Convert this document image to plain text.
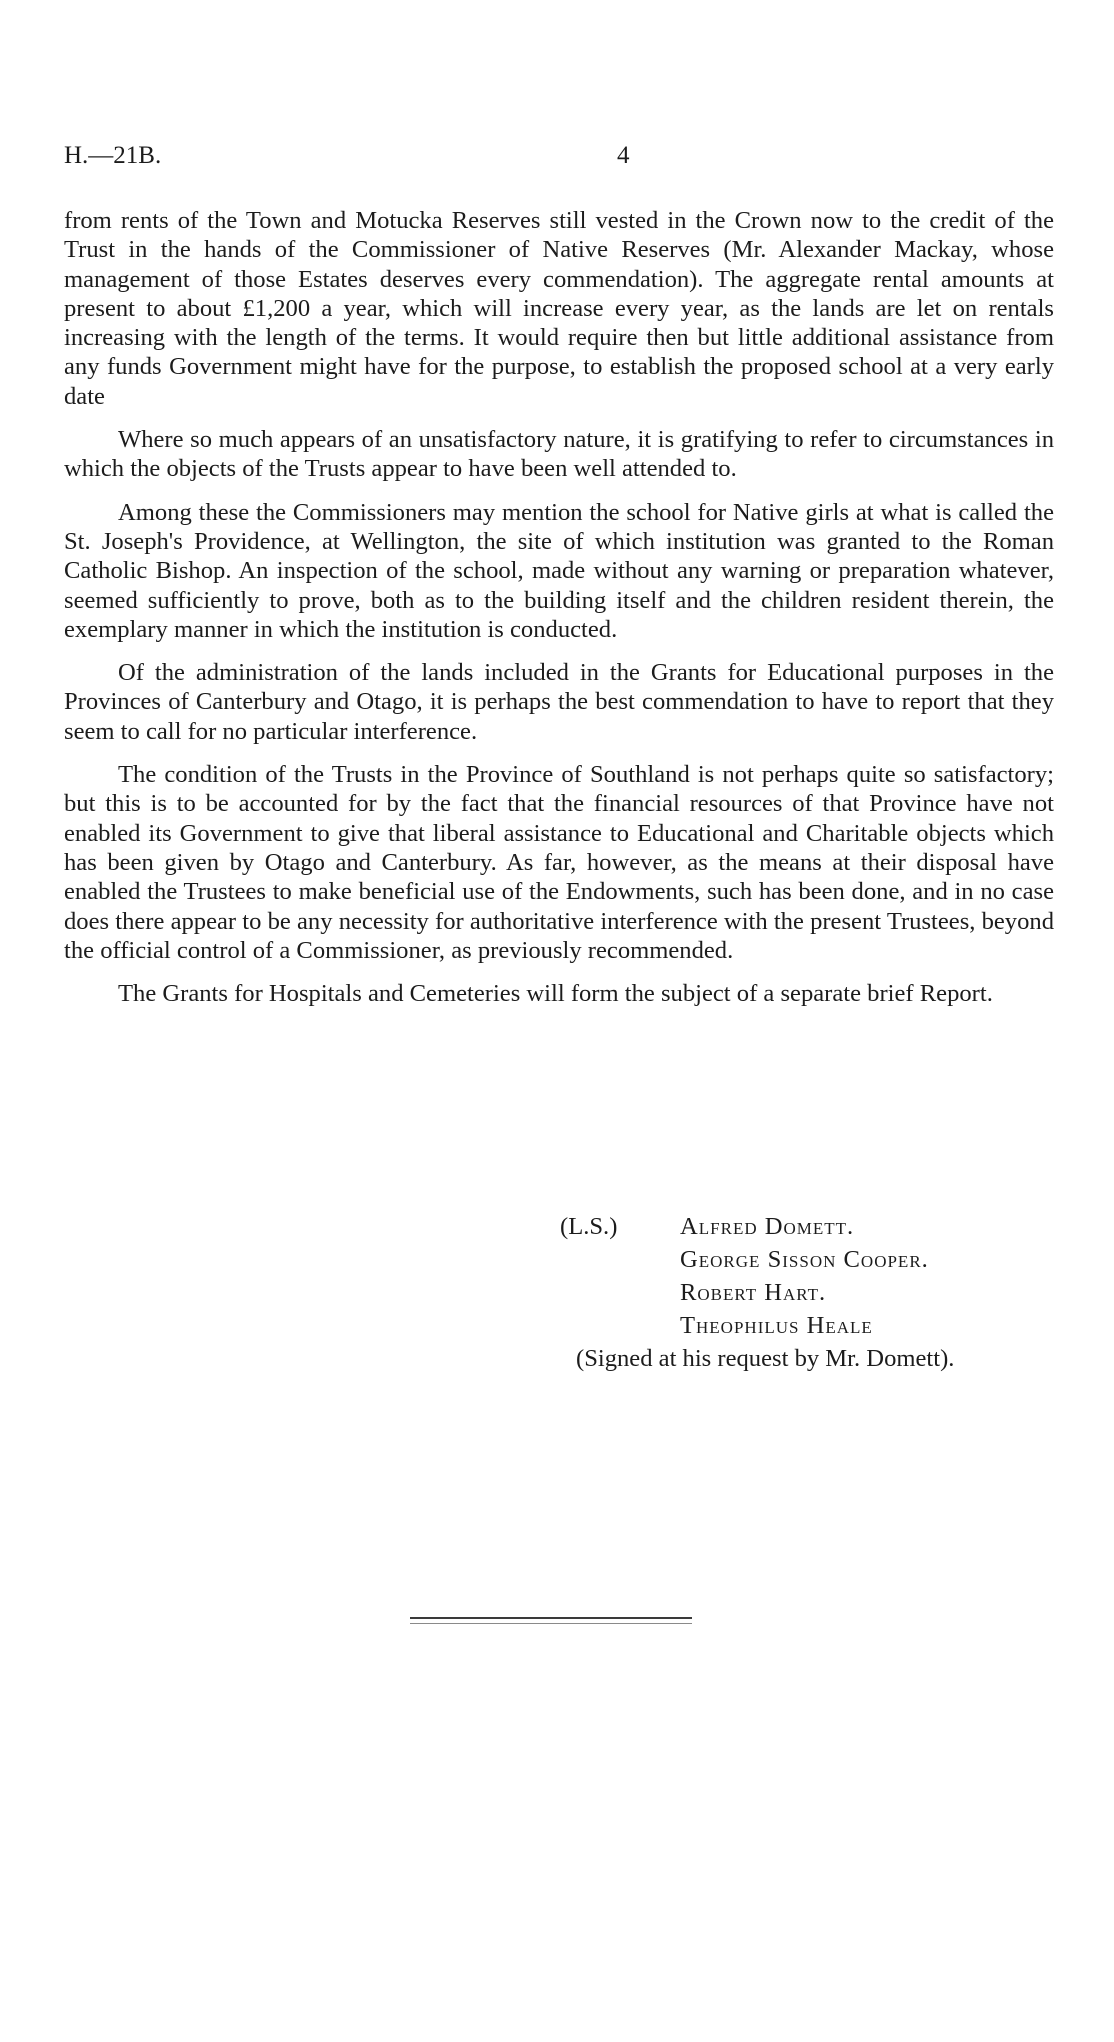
H.—21B.	4

from rents of the Town and Motucka Reserves still vested in the Crown now to the credit of the Trust in the hands of the Commissioner of Native Reserves (Mr. Alexander Mackay, whose management of those Estates deserves every commendation). The aggregate rental amounts at present to about £1,200 a year, which will increase every year, as the lands are let on rentals increasing with the length of the terms. It would require then but little additional assistance from any funds Government might have for the purpose, to establish the proposed school at a very early date

Where so much appears of an unsatisfactory nature, it is gratifying to refer to circumstances in which the objects of the Trusts appear to have been well attended to.

Among these the Commissioners may mention the school for Native girls at what is called the St. Joseph's Providence, at Wellington, the site of which institution was granted to the Roman Catholic Bishop. An inspection of the school, made without any warning or preparation whatever, seemed sufficiently to prove, both as to the building itself and the children resident therein, the exemplary manner in which the institution is conducted.

Of the administration of the lands included in the Grants for Educational purposes in the Provinces of Canterbury and Otago, it is perhaps the best commendation to have to report that they seem to call for no particular interference.

The condition of the Trusts in the Province of Southland is not perhaps quite so satisfactory; but this is to be accounted for by the fact that the financial resources of that Province have not enabled its Government to give that liberal assistance to Educational and Charitable objects which has been given by Otago and Canterbury. As far, however, as the means at their disposal have enabled the Trustees to make beneficial use of the Endowments, such has been done, and in no case does there appear to be any necessity for authoritative interference with the present Trustees, beyond the official control of a Commissioner, as previously recommended.

The Grants for Hospitals and Cemeteries will form the subject of a separate brief Report.

(L.S.)	Alfred Domett.
George Sisson Cooper.
Robert Hart.
Theophilus Heale
(Signed at his request by Mr. Domett).
